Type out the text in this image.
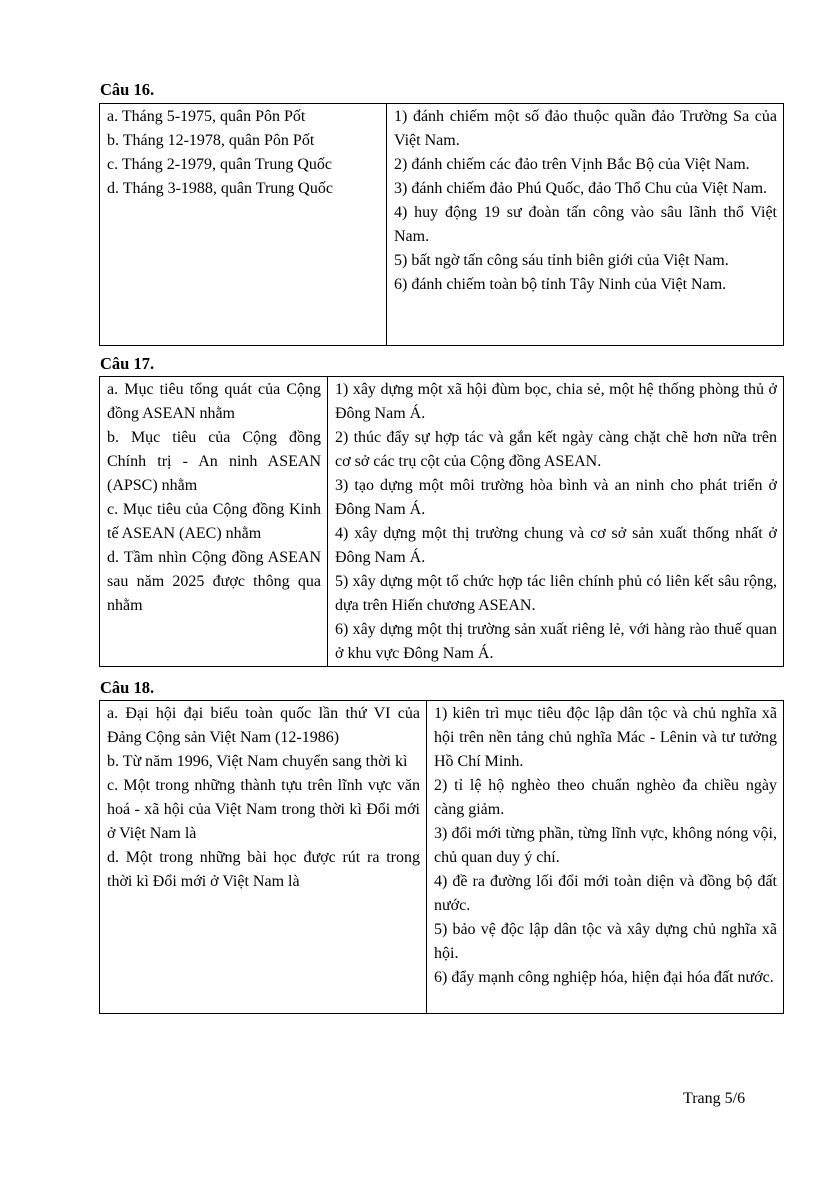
Câu 16.
a. Tháng 5-1975, quân Pôn Pốt
b. Tháng 12-1978, quân Pôn Pốt
c. Tháng 2-1979, quân Trung Quốc
d. Tháng 3-1988, quân Trung Quốc

1) đánh chiếm một số đảo thuộc quần đảo Trường Sa của Việt Nam.
2) đánh chiếm các đảo trên Vịnh Bắc Bộ của Việt Nam.
3) đánh chiếm đảo Phú Quốc, đảo Thổ Chu của Việt Nam.
4) huy động 19 sư đoàn tấn công vào sâu lãnh thổ Việt Nam.
5) bất ngờ tấn công sáu tỉnh biên giới của Việt Nam.
6) đánh chiếm toàn bộ tỉnh Tây Ninh của Việt Nam.
Câu 17.
a. Mục tiêu tổng quát của Cộng đồng ASEAN nhằm
b. Mục tiêu của Cộng đồng Chính trị - An ninh ASEAN (APSC) nhằm
c. Mục tiêu của Cộng đồng Kinh tế ASEAN (AEC) nhằm
d. Tầm nhìn Cộng đồng ASEAN sau năm 2025 được thông qua nhằm

1) xây dựng một xã hội đùm bọc, chia sẻ, một hệ thống phòng thủ ở Đông Nam Á.
2) thúc đẩy sự hợp tác và gắn kết ngày càng chặt chẽ hơn nữa trên cơ sở các trụ cột của Cộng đồng ASEAN.
3) tạo dựng một môi trường hòa bình và an ninh cho phát triển ở Đông Nam Á.
4) xây dựng một thị trường chung và cơ sở sản xuất thống nhất ở Đông Nam Á.
5) xây dựng một tổ chức hợp tác liên chính phủ có liên kết sâu rộng, dựa trên Hiến chương ASEAN.
6) xây dựng một thị trường sản xuất riêng lẻ, với hàng rào thuế quan ở khu vực Đông Nam Á.
Câu 18.
a. Đại hội đại biểu toàn quốc lần thứ VI của Đảng Cộng sản Việt Nam (12-1986)
b. Từ năm 1996, Việt Nam chuyển sang thời kì
c. Một trong những thành tựu trên lĩnh vực văn hoá - xã hội của Việt Nam trong thời kì Đổi mới ở Việt Nam là
d. Một trong những bài học được rút ra trong thời kì Đổi mới ở Việt Nam là

1) kiên trì mục tiêu độc lập dân tộc và chủ nghĩa xã hội trên nền tảng chủ nghĩa Mác - Lênin và tư tưởng Hồ Chí Minh.
2) tỉ lệ hộ nghèo theo chuẩn nghèo đa chiều ngày càng giảm.
3) đổi mới từng phần, từng lĩnh vực, không nóng vội, chủ quan duy ý chí.
4) đề ra đường lối đổi mới toàn diện và đồng bộ đất nước.
5) bảo vệ độc lập dân tộc và xây dựng chủ nghĩa xã hội.
6) đẩy mạnh công nghiệp hóa, hiện đại hóa đất nước.
Trang 5/6
